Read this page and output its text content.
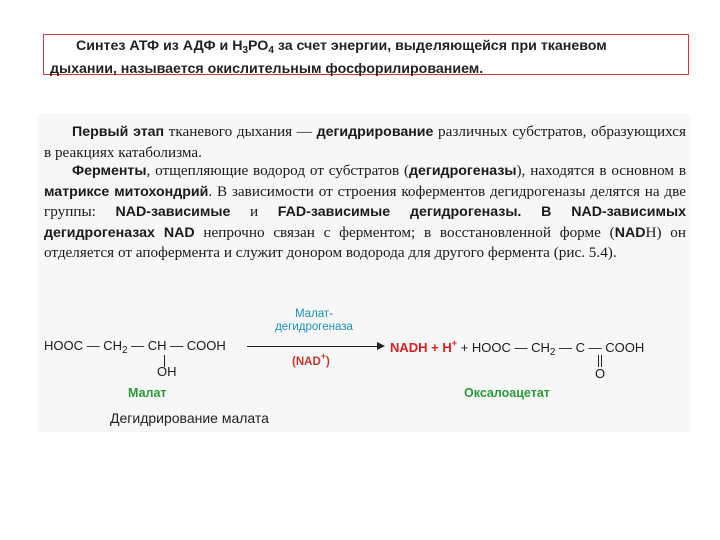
Синтез АТФ из АДФ и $Н_3РО_4$ за счет энергии, выделяющейся при тканевом
дыхании, называется окислительным фосфорилированием.

Первый этап тканевого дыхания — дегидрирование различных субстратов, образующихся в реакциях катаболизма.

Ферменты, отщепляющие водород от субстратов (дегидрогеназы), находятся в основном в матриксе митохондрий. В зависимости от строения коферментов дегидрогеназы делятся на две группы: NAD-зависимые и FAD-зависимые дегидрогеназы. В NAD-зависимых дегидрогеназах NAD непрочно связан с ферментом; в восстановленной форме (NADH) он отделяется от апофермента и служит донором водорода для другого фермента (рис. 5.4).

HOOC — $CH_2$ — CH — COOH
OH
Малат-
дегидрогеназа
(NAD+)
NADH + H+ + HOOC — $CH_2$ — C — COOH
O
Малат	Оксалоацетат
Дегидрирование малата
